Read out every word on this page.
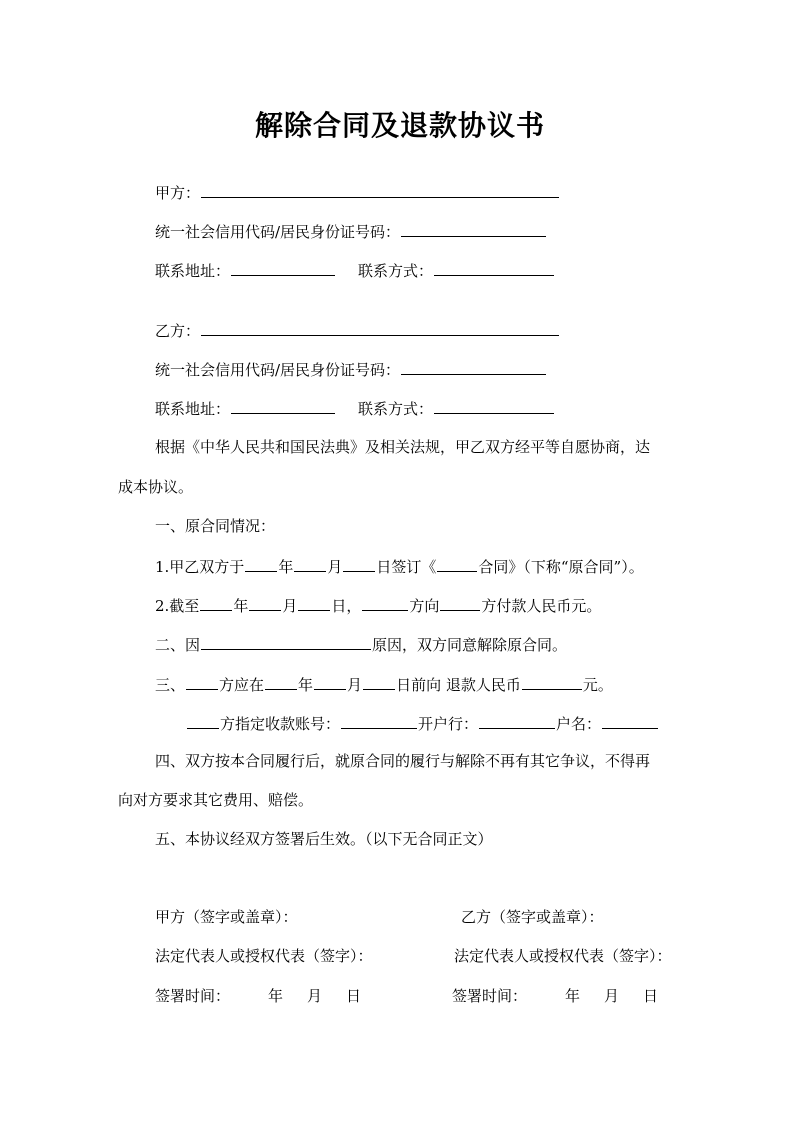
解除合同及退款协议书
甲方：
统一社会信用代码/居民身份证号码：
联系地址：	联系方式：
乙方：
统一社会信用代码/居民身份证号码：
联系地址：	联系方式：
根据《中华人民共和国民法典》及相关法规，甲乙双方经平等自愿协商，达
成本协议。
一、原合同情况：
1.甲乙双方于 年 月 日签订《	合同》（下称“原合同”）。
2.截至 年 月 日，	方向	方付款人民币元。
二、因	原因，双方同意解除原合同。
三、 方应在 年 月 日前向 退款人民币	元。
方指定收款账号：	开户行：	户名：
四、双方按本合同履行后，就原合同的履行与解除不再有其它争议，不得再
向对方要求其它费用、赔偿。
五、本协议经双方签署后生效。（以下无合同正文）
甲方（签字或盖章）：	乙方（签字或盖章）：
法定代表人或授权代表（签字）：	法定代表人或授权代表（签字）：
签署时间：	年 月 日	签署时间：	年 月 日
